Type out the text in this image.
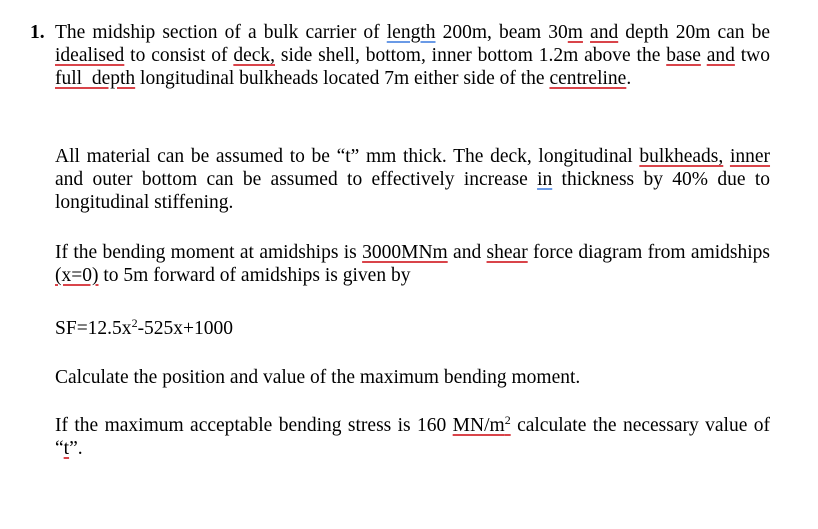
1. The midship section of a bulk carrier of length 200m, beam 30m and depth 20m can be idealised to consist of deck, side shell, bottom, inner bottom 1.2m above the base and two full  depth longitudinal bulkheads located 7m either side of the centreline.

All material can be assumed to be “t” mm thick. The deck, longitudinal bulkheads, inner and outer bottom can be assumed to effectively increase in thickness by 40% due to longitudinal stiffening.

If the bending moment at amidships is 3000MNm and shear force diagram from amidships (x=0) to 5m forward of amidships is given by

$SF=12.5x^2-525x+1000$

Calculate the position and value of the maximum bending moment.

If the maximum acceptable bending stress is 160 $MN/m^2$ calculate the necessary value of “t”.
